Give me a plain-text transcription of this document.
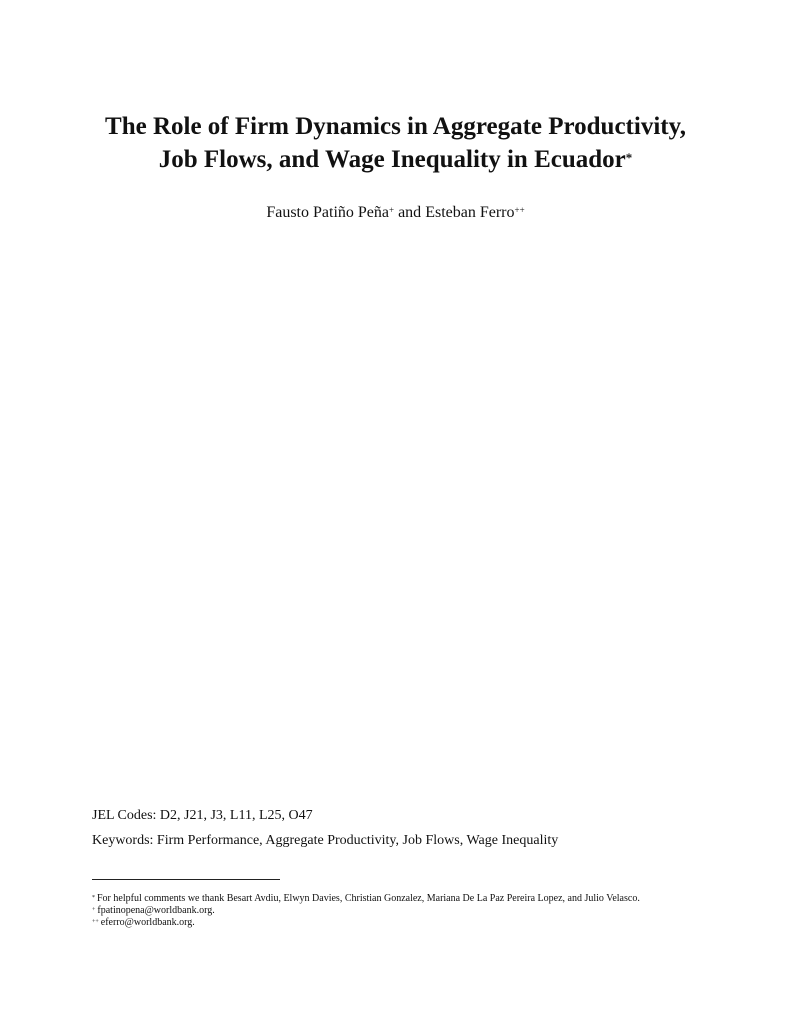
The Role of Firm Dynamics in Aggregate Productivity,
Job Flows, and Wage Inequality in Ecuador*
Fausto Patiño Peña+ and Esteban Ferro++
JEL Codes: D2, J21, J3, L11, L25, O47
Keywords: Firm Performance, Aggregate Productivity, Job Flows, Wage Inequality
* For helpful comments we thank Besart Avdiu, Elwyn Davies, Christian Gonzalez, Mariana De La Paz Pereira Lopez, and Julio Velasco.
+ fpatinopena@worldbank.org.
++ eferro@worldbank.org.
